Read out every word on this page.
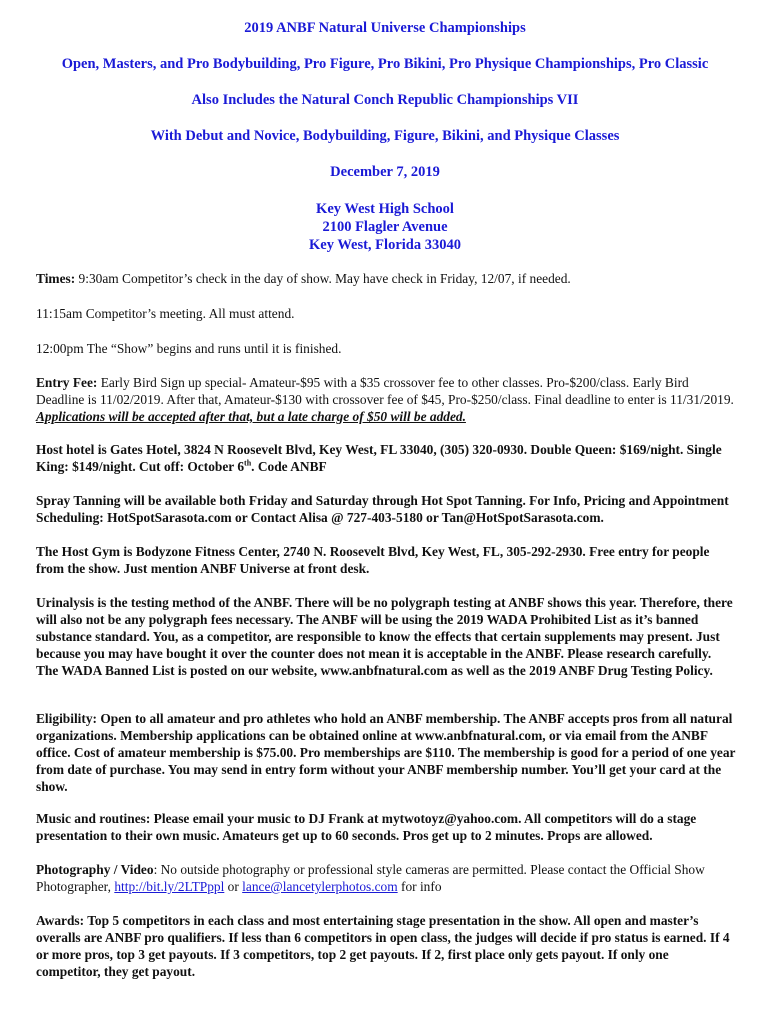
2019 ANBF Natural Universe Championships

Open, Masters, and Pro Bodybuilding, Pro Figure, Pro Bikini, Pro Physique Championships, Pro Classic

Also Includes the Natural Conch Republic Championships VII

With Debut and Novice, Bodybuilding, Figure, Bikini, and Physique Classes

December 7, 2019

Key West High School

2100 Flagler Avenue

Key West, Florida 33040

Times: 9:30am Competitor’s check in the day of show. May have check in Friday, 12/07, if needed.

11:15am Competitor’s meeting. All must attend.

12:00pm The “Show” begins and runs until it is finished.

Entry Fee: Early Bird Sign up special- Amateur-$95 with a $35 crossover fee to other classes. Pro-$200/class. Early Bird Deadline is 11/02/2019. After that, Amateur-$130 with crossover fee of $45, Pro-$250/class. Final deadline to enter is 11/31/2019. Applications will be accepted after that, but a late charge of $50 will be added.

Host hotel is Gates Hotel, 3824 N Roosevelt Blvd, Key West, FL 33040, (305) 320-0930. Double Queen: $169/night. Single King: $149/night. Cut off: October 6th. Code ANBF

Spray Tanning will be available both Friday and Saturday through Hot Spot Tanning. For Info, Pricing and Appointment Scheduling: HotSpotSarasota.com or Contact Alisa @ 727-403-5180 or Tan@HotSpotSarasota.com.

The Host Gym is Bodyzone Fitness Center, 2740 N. Roosevelt Blvd, Key West, FL, 305-292-2930. Free entry for people from the show. Just mention ANBF Universe at front desk.

Urinalysis is the testing method of the ANBF. There will be no polygraph testing at ANBF shows this year. Therefore, there will also not be any polygraph fees necessary. The ANBF will be using the 2019 WADA Prohibited List as it’s banned substance standard. You, as a competitor, are responsible to know the effects that certain supplements may present. Just because you may have bought it over the counter does not mean it is acceptable in the ANBF. Please research carefully. The WADA Banned List is posted on our website, www.anbfnatural.com as well as the 2019 ANBF Drug Testing Policy.

Eligibility: Open to all amateur and pro athletes who hold an ANBF membership. The ANBF accepts pros from all natural organizations. Membership applications can be obtained online at www.anbfnatural.com, or via email from the ANBF office. Cost of amateur membership is $75.00. Pro memberships are $110. The membership is good for a period of one year from date of purchase. You may send in entry form without your ANBF membership number. You’ll get your card at the show.

Music and routines: Please email your music to DJ Frank at mytwotoyz@yahoo.com. All competitors will do a stage presentation to their own music. Amateurs get up to 60 seconds. Pros get up to 2 minutes. Props are allowed.

Photography / Video: No outside photography or professional style cameras are permitted. Please contact the Official Show Photographer, http://bit.ly/2LTPppl or lance@lancetylerphotos.com for info

Awards: Top 5 competitors in each class and most entertaining stage presentation in the show. All open and master’s overalls are ANBF pro qualifiers. If less than 6 competitors in open class, the judges will decide if pro status is earned. If 4 or more pros, top 3 get payouts. If 3 competitors, top 2 get payouts. If 2, first place only gets payout. If only one competitor, they get payout.
